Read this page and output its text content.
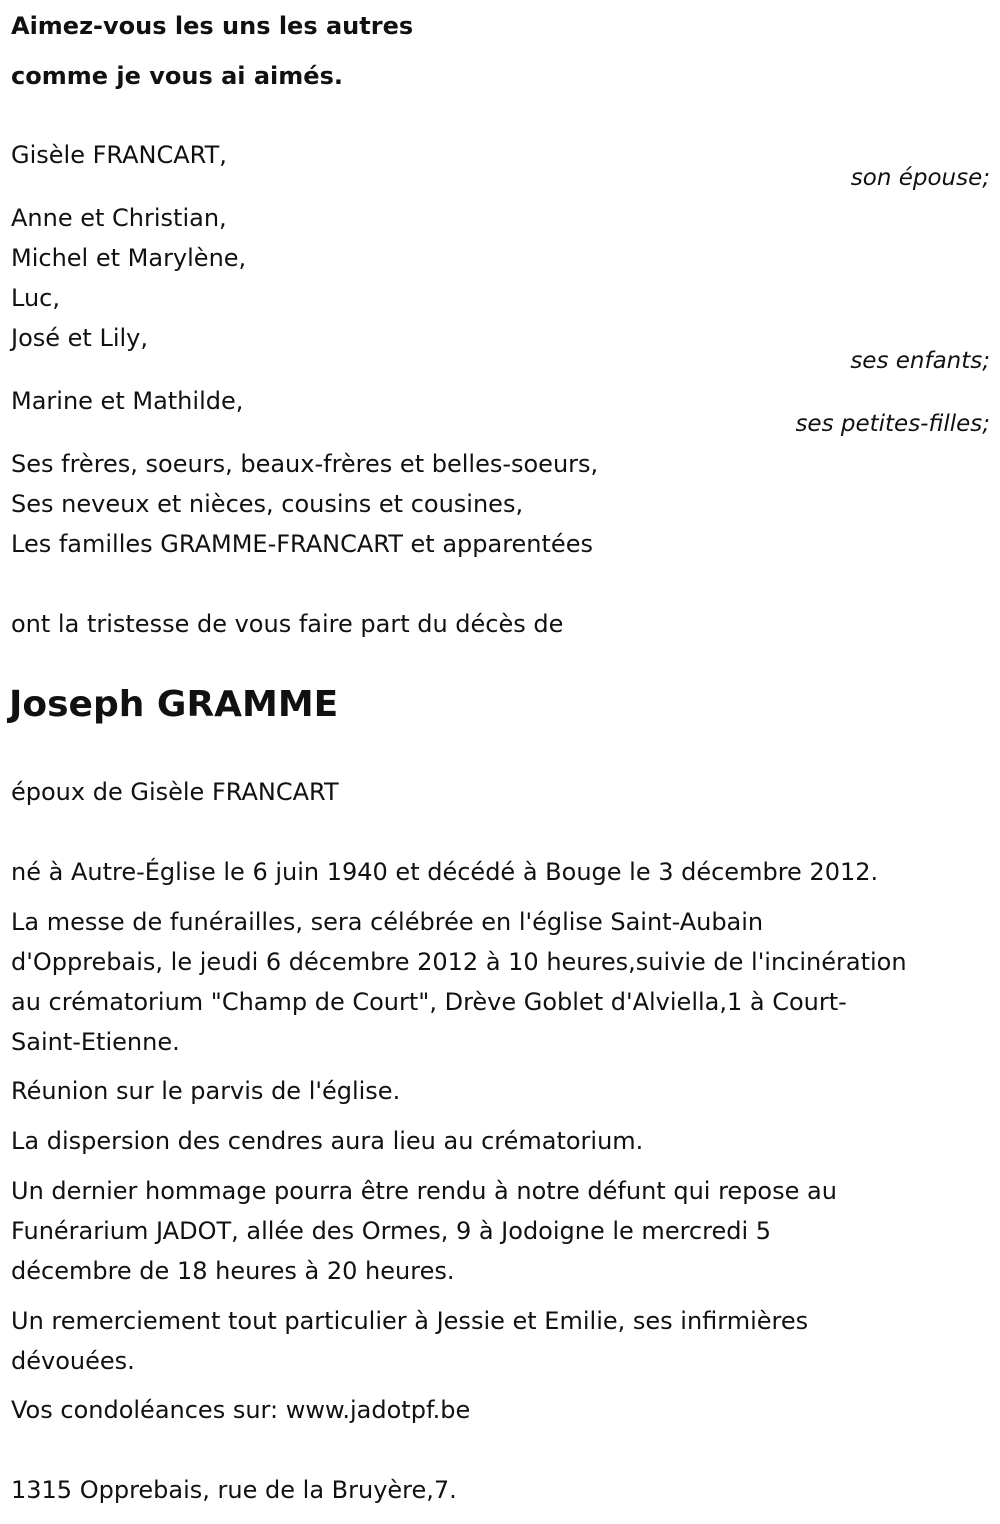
Aimez-vous les uns les autres
comme je vous ai aimés.
Gisèle FRANCART,
son épouse;
Anne et Christian,
Michel et Marylène,
Luc,
José et Lily,
ses enfants;
Marine et Mathilde,
ses petites-filles;
Ses frères, soeurs, beaux-frères et belles-soeurs,
Ses neveux et nièces, cousins et cousines,
Les familles GRAMME-FRANCART et apparentées
ont la tristesse de vous faire part du décès de
Joseph GRAMME
époux de Gisèle FRANCART
né à Autre-Église le 6 juin 1940 et décédé à Bouge le 3 décembre 2012.
La messe de funérailles, sera célébrée en l'église Saint-Aubain
d'Opprebais, le jeudi 6 décembre 2012 à 10 heures,suivie de l'incinération
au crématorium "Champ de Court", Drève Goblet d'Alviella,1 à Court-
Saint-Etienne.
Réunion sur le parvis de l'église.
La dispersion des cendres aura lieu au crématorium.
Un dernier hommage pourra être rendu à notre défunt qui repose au
Funérarium JADOT, allée des Ormes, 9 à Jodoigne le mercredi 5
décembre de 18 heures à 20 heures.
Un remerciement tout particulier à Jessie et Emilie, ses infirmières
dévouées.
Vos condoléances sur: www.jadotpf.be
1315 Opprebais, rue de la Bruyère,7.
